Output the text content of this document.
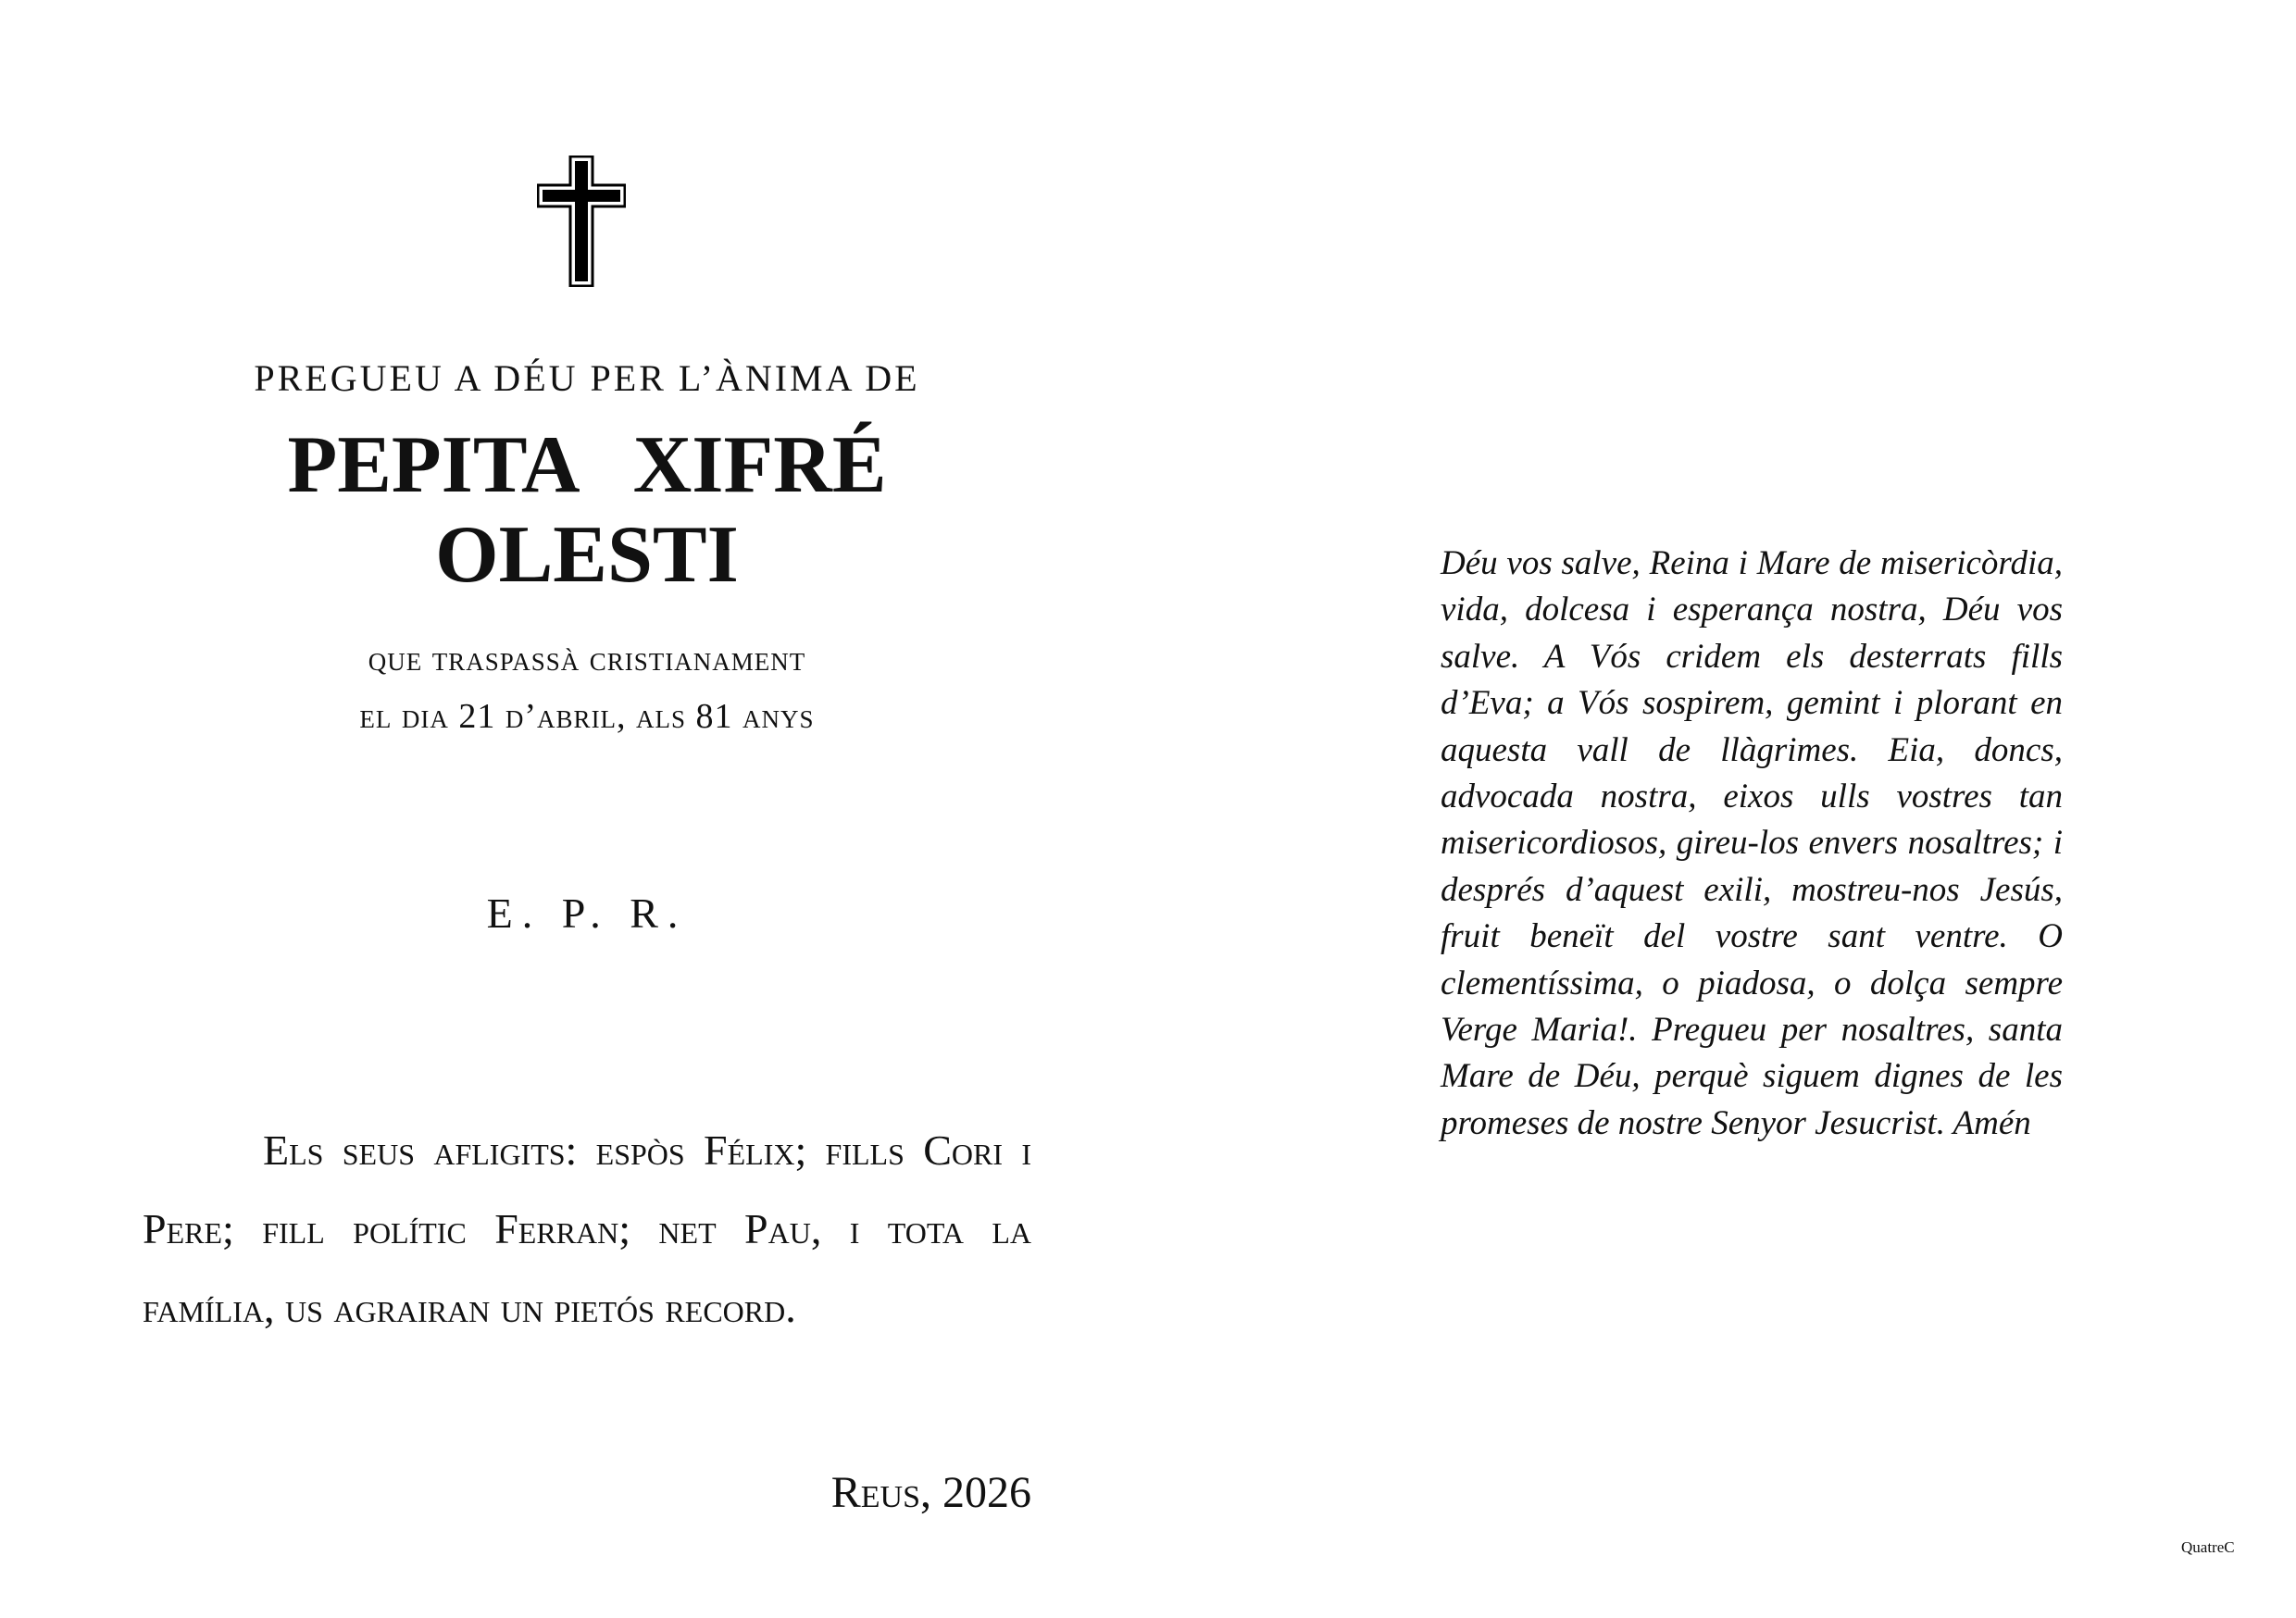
PREGUEU A DÉU PER L’ÀNIMA DE

PEPITA XIFRÉ OLESTI

que traspassà cristianament

el dia 21 d’abril, als 81 anys

E. P. R.

Els seus afligits: espòs Félix; fills Cori i Pere; fill polític Ferran; net Pau, i tota la família, us agrairan un pietós record.

Reus, 2026

Déu vos salve, Reina i Mare de misericòrdia, vida, dolcesa i esperança nostra, Déu vos salve. A Vós cridem els desterrats fills d’Eva; a Vós sospirem, gemint i plorant en aquesta vall de llàgrimes. Eia, doncs, advocada nostra, eixos ulls vostres tan misericordiosos, gireu-los envers nosaltres; i després d’aquest exili, mostreu-nos Jesús, fruit beneït del vostre sant ventre. O clementíssima, o piadosa, o dolça sempre Verge Maria!. Pregueu per nosaltres, santa Mare de Déu, perquè siguem dignes de les promeses de nostre Senyor Jesucrist. Amén

QuatreC
